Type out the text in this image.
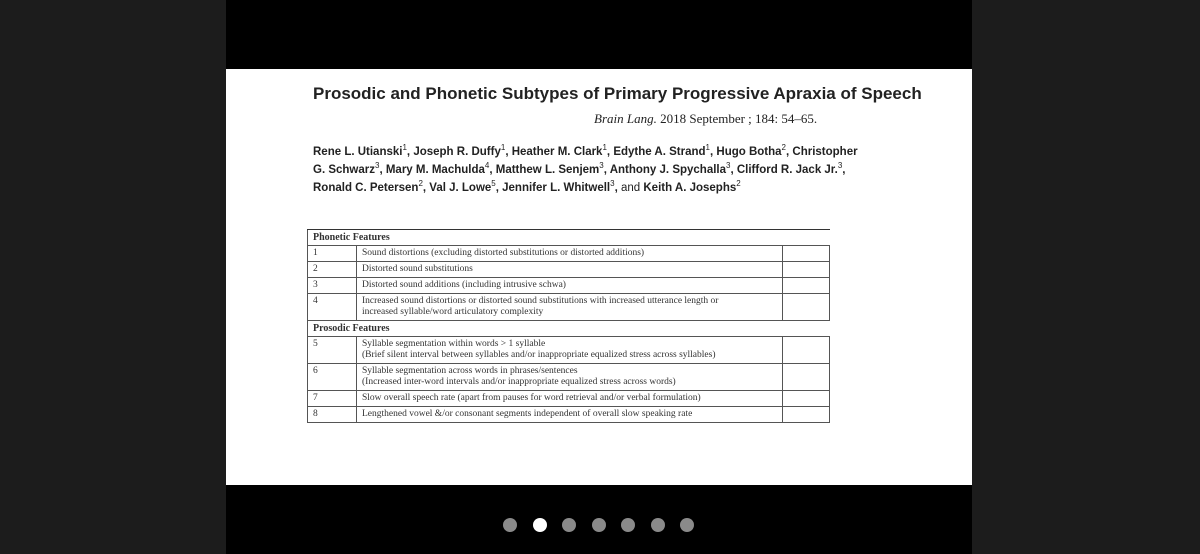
Prosodic and Phonetic Subtypes of Primary Progressive Apraxia of Speech
Brain Lang. 2018 September ; 184: 54–65.
Rene L. Utianski$^1$, Joseph R. Duffy$^1$, Heather M. Clark$^1$, Edythe A. Strand$^1$, Hugo Botha$^2$, Christopher G. Schwarz$^3$, Mary M. Machulda$^4$, Matthew L. Senjem$^3$, Anthony J. Spychalla$^3$, Clifford R. Jack Jr.$^3$, Ronald C. Petersen$^2$, Val J. Lowe$^5$, Jennifer L. Whitwell$^3$, and Keith A. Josephs$^2$
Phonetic Features		
1	Sound distortions (excluding distorted substitutions or distorted additions)	
2	Distorted sound substitutions	
3	Distorted sound additions (including intrusive schwa)	
4	Increased sound distortions or distorted sound substitutions with increased utterance length or
increased syllable/word articulatory complexity	
Prosodic Features		
5	Syllable segmentation within words > 1 syllable
(Brief silent interval between syllables and/or inappropriate equalized stress across syllables)	
6	Syllable segmentation across words in phrases/sentences
(Increased inter-word intervals and/or inappropriate equalized stress across words)	
7	Slow overall speech rate (apart from pauses for word retrieval and/or verbal formulation)	
8	Lengthened vowel &/or consonant segments independent of overall slow speaking rate	
